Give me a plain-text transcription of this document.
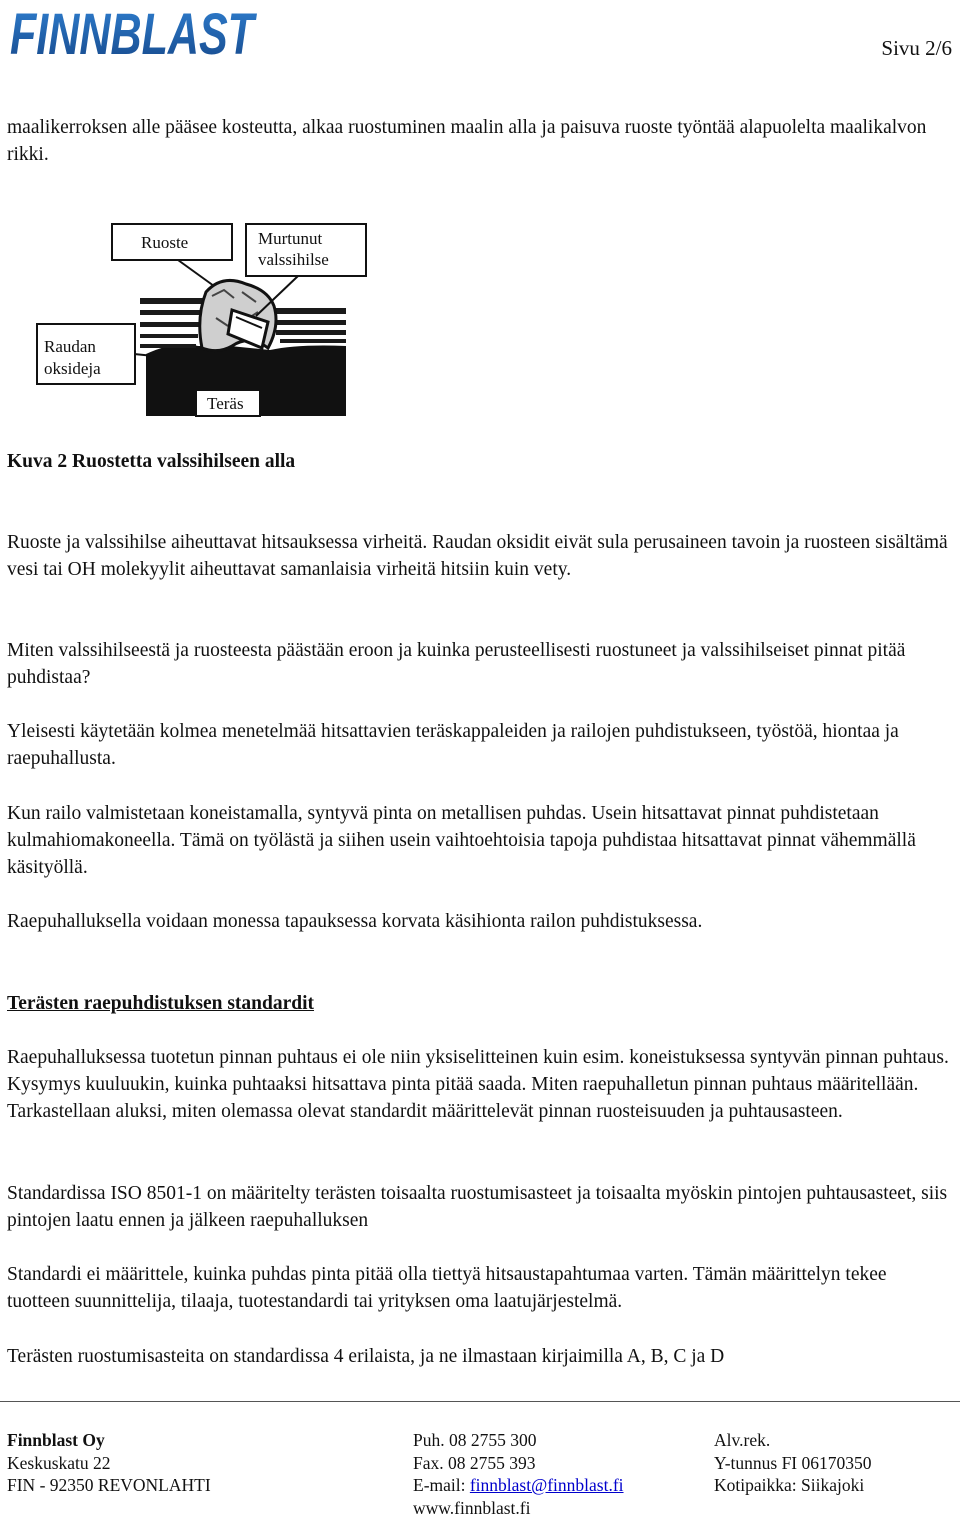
FINNBLAST	Sivu 2/6

maalikerroksen alle pääsee kosteutta, alkaa ruostuminen maalin alla ja paisuva ruoste työntää alapuolelta maalikalvon rikki.

Ruoste	Murtunut
valssihilse
Raudan
oksideja
Teräs

Kuva 2 Ruostetta valssihilseen alla

Ruoste ja valssihilse aiheuttavat hitsauksessa virheitä. Raudan oksidit eivät sula perusaineen tavoin ja ruosteen sisältämä vesi tai OH molekyylit aiheuttavat samanlaisia virheitä hitsiin kuin vety.

Miten valssihilseestä ja ruosteesta päästään eroon ja kuinka perusteellisesti ruostuneet ja valssihilseiset pinnat pitää puhdistaa?

Yleisesti käytetään kolmea menetelmää hitsattavien teräskappaleiden ja railojen puhdistukseen, työstöä, hiontaa ja raepuhallusta.

Kun railo valmistetaan koneistamalla, syntyvä pinta on metallisen puhdas. Usein hitsattavat pinnat puhdistetaan kulmahiomakoneella. Tämä on työlästä ja siihen usein vaihtoehtoisia tapoja puhdistaa hitsattavat pinnat vähemmällä käsityöllä.

Raepuhalluksella voidaan monessa tapauksessa korvata käsihionta railon puhdistuksessa.

Terästen raepuhdistuksen standardit

Raepuhalluksessa tuotetun pinnan puhtaus ei ole niin yksiselitteinen kuin esim. koneistuksessa syntyvän pinnan puhtaus. Kysymys kuuluukin, kuinka puhtaaksi hitsattava pinta pitää saada. Miten raepuhalletun pinnan puhtaus määritellään. Tarkastellaan aluksi, miten olemassa olevat standardit määrittelevät pinnan ruosteisuuden ja puhtausasteen.

Standardissa ISO 8501-1 on määritelty terästen toisaalta ruostumisasteet ja toisaalta myöskin pintojen puhtausasteet, siis pintojen laatu ennen ja jälkeen raepuhalluksen

Standardi ei määrittele, kuinka puhdas pinta pitää olla tiettyä hitsaustapahtumaa varten. Tämän määrittelyn tekee tuotteen suunnittelija, tilaaja, tuotestandardi tai yrityksen oma laatujärjestelmä.

Terästen ruostumisasteita on standardissa 4 erilaista, ja ne ilmastaan kirjaimilla A, B, C ja D

Finnblast Oy
Keskuskatu 22
FIN - 92350 REVONLAHTI
Puh. 08 2755 300
Fax. 08 2755 393
E-mail: finnblast@finnblast.fi
www.finnblast.fi
Alv.rek.
Y-tunnus FI 06170350
Kotipaikka: Siikajoki
